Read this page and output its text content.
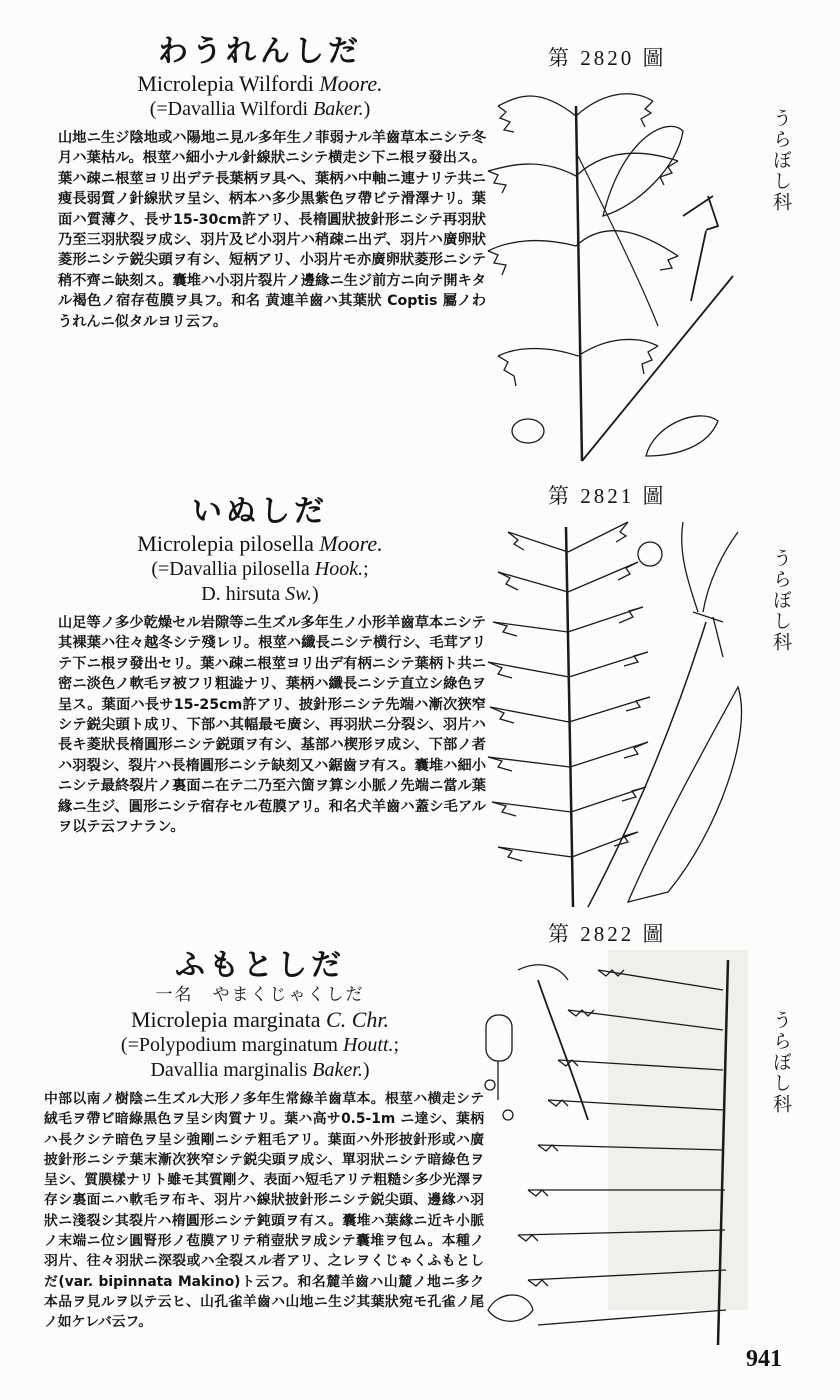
わうれんしだ
Microlepia Wilfordi Moore.
(=Davallia Wilfordi Baker.)
山地ニ生ジ陰地或ハ陽地ニ見ル多年生ノ菲弱ナル羊齒草本ニシテ冬月ハ葉枯ル。根莖ハ細小ナル針線狀ニシテ横走シ下ニ根ヲ發出ス。葉ハ疎ニ根莖ヨリ出デテ長葉柄ヲ具ヘ、葉柄ハ中軸ニ連ナリテ共ニ痩長弱質ノ針線狀ヲ呈シ、柄本ハ多少黒紫色ヲ帶ビテ滑澤ナリ。葉面ハ質薄ク、長サ15-30cm許アリ、長楕圓狀披針形ニシテ再羽狀乃至三羽狀裂ヲ成シ、羽片及ビ小羽片ハ稍疎ニ出デ、羽片ハ廣卵狀菱形ニシテ鋭尖頭ヲ有シ、短柄アリ、小羽片モ亦廣卵狀菱形ニシテ稍不齊ニ缺刻ス。囊堆ハ小羽片裂片ノ邊緣ニ生ジ前方ニ向テ開キタル褐色ノ宿存苞膜ヲ具フ。和名 黄連羊齒ハ其葉狀 Coptis 屬ノわうれんニ似タルヨリ云フ。
第 2820 圖
うらぼし科
いぬしだ
Microlepia pilosella Moore.
(=Davallia pilosella Hook.;
D. hirsuta Sw.)
山足等ノ多少乾燥セル岩隙等ニ生ズル多年生ノ小形羊齒草本ニシテ其裸葉ハ往々越冬シテ殘レリ。根莖ハ纖長ニシテ横行シ、毛茸アリテ下ニ根ヲ發出セリ。葉ハ疎ニ根莖ヨリ出デ有柄ニシテ葉柄ト共ニ密ニ淡色ノ軟毛ヲ被フリ粗澁ナリ、葉柄ハ纖長ニシテ直立シ綠色ヲ呈ス。葉面ハ長サ15-25cm許アリ、披針形ニシテ先端ハ漸次狹窄シテ鋭尖頭ト成リ、下部ハ其幅最モ廣シ、再羽狀ニ分裂シ、羽片ハ長キ菱狀長楕圓形ニシテ鋭頭ヲ有シ、基部ハ楔形ヲ成シ、下部ノ者ハ羽裂シ、裂片ハ長楕圓形ニシテ缺刻又ハ鋸齒ヲ有ス。囊堆ハ細小ニシテ最終裂片ノ裏面ニ在テ二乃至六箇ヲ算シ小脈ノ先端ニ當ル葉緣ニ生ジ、圓形ニシテ宿存セル苞膜アリ。和名犬羊齒ハ蓋シ毛アルヲ以テ云フナラン。
第 2821 圖
うらぼし科
ふもとしだ
一名　やまくじゃくしだ
Microlepia marginata C. Chr.
(=Polypodium marginatum Houtt.;
Davallia marginalis Baker.)
中部以南ノ樹陰ニ生ズル大形ノ多年生常綠羊齒草本。根莖ハ横走シテ絨毛ヲ帶ビ暗綠黒色ヲ呈シ肉質ナリ。葉ハ高サ0.5-1m ニ達シ、葉柄ハ長クシテ暗色ヲ呈シ強剛ニシテ粗毛アリ。葉面ハ外形披針形或ハ廣披針形ニシテ葉末漸次狹窄シテ鋭尖頭ヲ成シ、單羽狀ニシテ暗綠色ヲ呈シ、質膜樣ナリト雖モ其質剛ク、表面ハ短毛アリテ粗糙シ多少光澤ヲ存シ裏面ニハ軟毛ヲ布キ、羽片ハ線狀披針形ニシテ鋭尖頭、邊緣ハ羽狀ニ淺裂シ其裂片ハ楕圓形ニシテ鈍頭ヲ有ス。囊堆ハ葉緣ニ近キ小脈ノ末端ニ位シ圓腎形ノ苞膜アリテ稍壺狀ヲ成シテ囊堆ヲ包ム。本種ノ羽片、往々羽狀ニ深裂或ハ全裂スル者アリ、之レヲくじゃくふもとしだ(var. bipinnata Makino)ト云フ。和名麓羊齒ハ山麓ノ地ニ多ク本品ヲ見ルヲ以テ云ヒ、山孔雀羊齒ハ山地ニ生ジ其葉狀宛モ孔雀ノ尾ノ如ケレバ云フ。
第 2822 圖
うらぼし科
941
